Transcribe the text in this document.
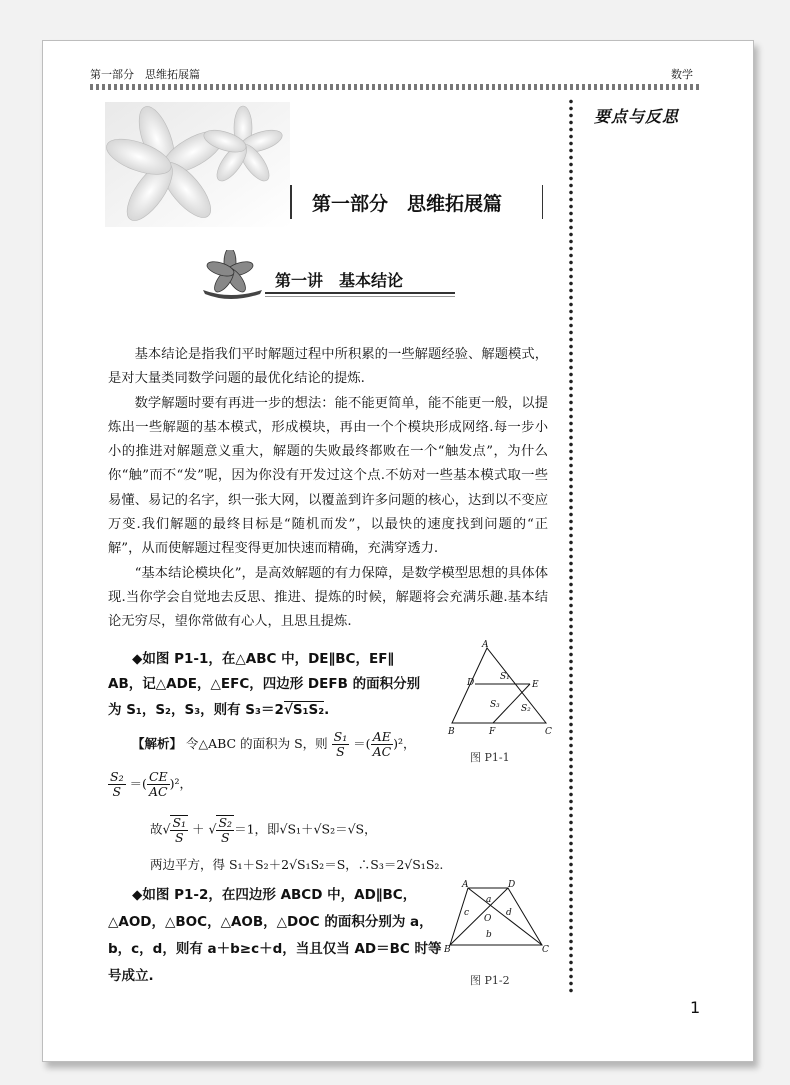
第一部分　思维拓展篇	数学
要点与反思
第一部分　思维拓展篇
第一讲　基本结论

基本结论是指我们平时解题过程中所积累的一些解题经验、解题模式，是对大量类同数学问题的最优化结论的提炼.

数学解题时要有再进一步的想法：能不能更简单，能不能更一般，以提炼出一些解题的基本模式，形成模块，再由一个个模块形成网络.每一步小小的推进对解题意义重大，解题的失败最终都败在一个“触发点”，为什么你“触”而不“发”呢，因为你没有开发过这个点.不妨对一些基本模式取一些易懂、易记的名字，织一张大网，以覆盖到许多问题的核心，达到以不变应万变.我们解题的最终目标是“随机而发”，以最快的速度找到问题的“正解”，从而使解题过程变得更加快速而精确，充满穿透力.

“基本结论模块化”，是高效解题的有力保障，是数学模型思想的具体体现.当你学会自觉地去反思、推进、提炼的时候，解题将会充满乐趣.基本结论无穷尽，望你常做有心人，且思且提炼.

◆如图 P1-1，在△ABC 中，DE∥BC，EF∥
AB，记△ADE，△EFC，四边形 DEFB 的面积分别
为 S₁，S₂，S₃，则有 S₃＝2√S₁S₂.
【解析】 令△ABC 的面积为 S，则 $\frac{\text{S₁}}{S}$ ＝( $\frac{AE}{AC} )^2$，
$\frac{\text{S₂}}{S}$ ＝( $\frac{CE}{AC} )^2$，
故√ $\frac{\text{S₁}}{S}$ ＋ √ $\frac{\text{S₂}}{S} =1$，即√S₁＋√S₂＝√S，
两边平方，得 S₁＋S₂＋2√S₁S₂＝S，∴S₃＝2√S₁S₂.
A
D	E
S₁
S₃ S₂
B	F	C
图 P1-1
◆如图 P1-2，在四边形 ABCD 中，AD∥BC，
△AOD，△BOC，△AOB，△DOC 的面积分别为 a，
b，c，d，则有 a＋b≥c＋d，当且仅当 AD＝BC 时等
号成立.
A	D
a
c	d
O
b
B	C
图 P1-2
1
